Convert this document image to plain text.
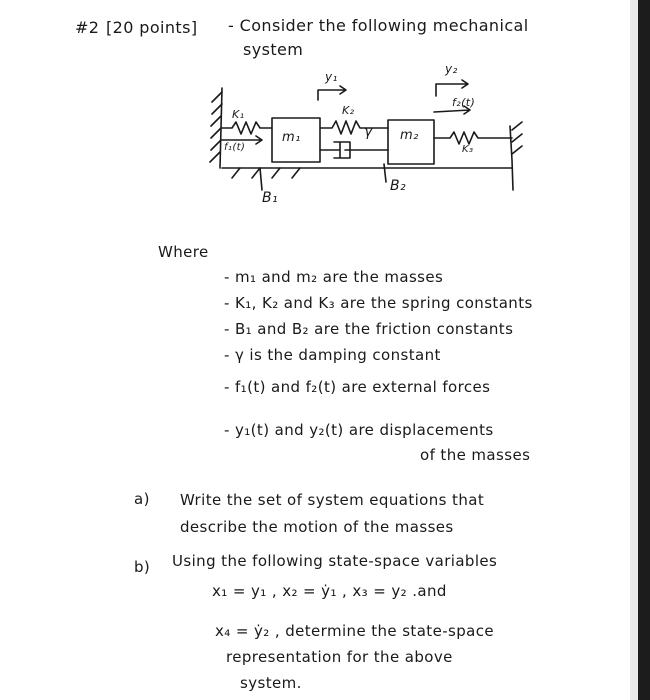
#2 [20 points] - Consider the following mechanical
system
K₁
f₁(t)
m₁
y₁
K₂
γ m₂
y₂
f₂(t)
K₃
B₁
B₂
Where
- m₁ and m₂ are the masses
- K₁, K₂ and K₃ are the spring constants
- B₁ and B₂ are the friction constants
- γ is the damping constant
- f₁(t) and f₂(t) are external forces
- y₁(t) and y₂(t) are displacements
of the masses
a) Write the set of system equations that
describe the motion of the masses
b) Using the following state-space variables
x₁ = y₁ , x₂ = ẏ₁ , x₃ = y₂ .and
x₄ = ẏ₂ , determine the state-space
representation for the above
system.
